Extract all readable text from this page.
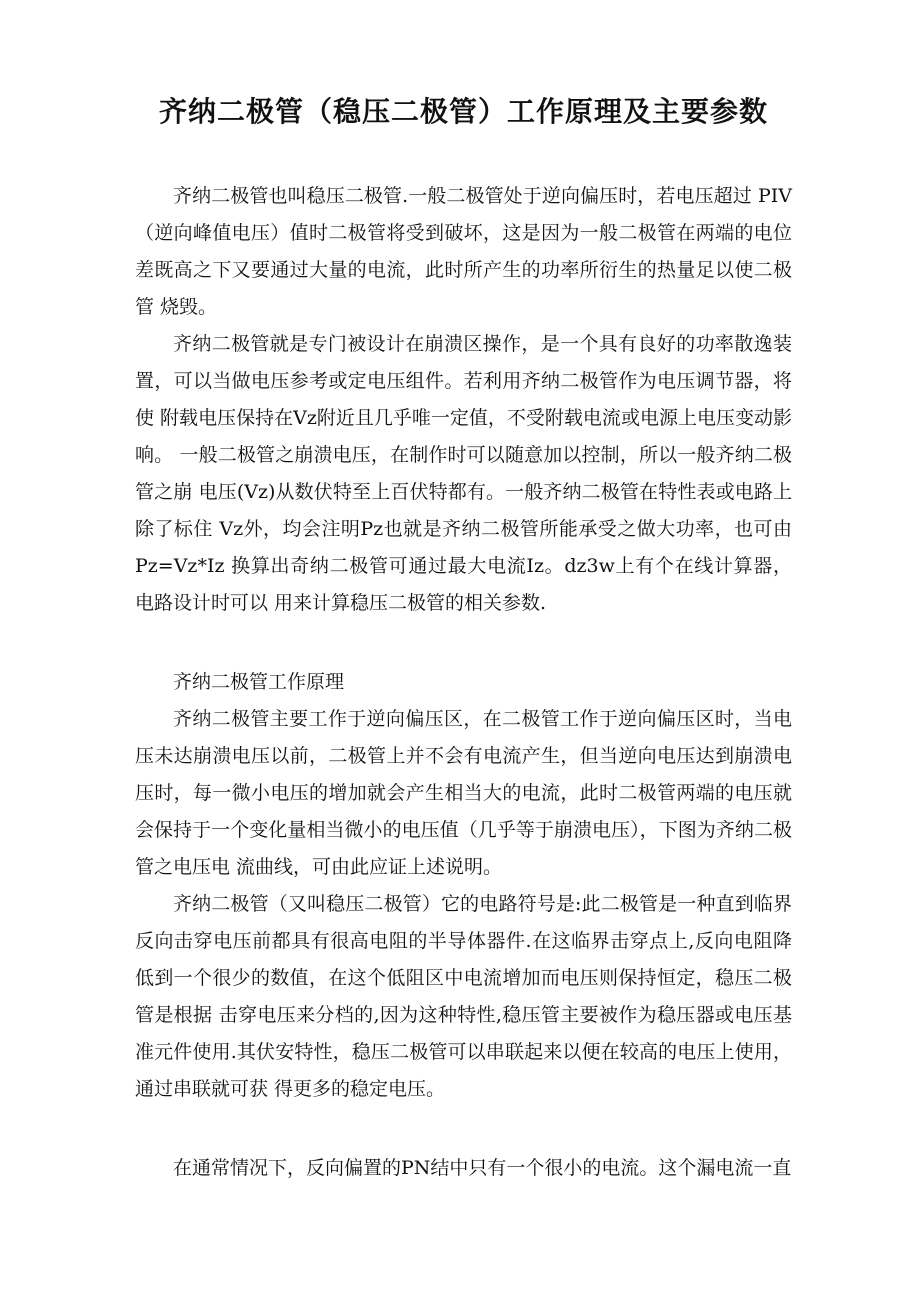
齐纳二极管（稳压二极管）工作原理及主要参数

齐纳二极管也叫稳压二极管.一般二极管处于逆向偏压时，若电压超过 PIV（逆向峰值电压）值时二极管将受到破坏，这是因为一般二极管在两端的电位 差既高之下又要通过大量的电流，此时所产生的功率所衍生的热量足以使二极管 烧毁。

齐纳二极管就是专门被设计在崩溃区操作，是一个具有良好的功率散逸装 置，可以当做电压参考或定电压组件。若利用齐纳二极管作为电压调节器，将使 附载电压保持在Vz附近且几乎唯一定值，不受附载电流或电源上电压变动影响。 一般二极管之崩溃电压，在制作时可以随意加以控制，所以一般齐纳二极管之崩 电压(Vz)从数伏特至上百伏特都有。一般齐纳二极管在特性表或电路上除了标住 Vz外，均会注明Pz也就是齐纳二极管所能承受之做大功率，也可由Pz=Vz*Iz 换算出奇纳二极管可通过最大电流Iz。dz3w上有个在线计算器，电路设计时可以 用来计算稳压二极管的相关参数.

齐纳二极管工作原理

齐纳二极管主要工作于逆向偏压区，在二极管工作于逆向偏压区时，当电压未达崩溃电压以前，二极管上并不会有电流产生，但当逆向电压达到崩溃电压时，每一微小电压的增加就会产生相当大的电流，此时二极管两端的电压就会保持于一个变化量相当微小的电压值（几乎等于崩溃电压），下图为齐纳二极管之电压电 流曲线，可由此应证上述说明。

齐纳二极管（又叫稳压二极管）它的电路符号是:此二极管是一种直到临界反向击穿电压前都具有很高电阻的半导体器件.在这临界击穿点上,反向电阻降低到一个很少的数值，在这个低阻区中电流增加而电压则保持恒定，稳压二极管是根据 击穿电压来分档的,因为这种特性,稳压管主要被作为稳压器或电压基准元件使用.其伏安特性，稳压二极管可以串联起来以便在较高的电压上使用，通过串联就可获 得更多的稳定电压。

在通常情况下，反向偏置的PN结中只有一个很小的电流。这个漏电流一直
